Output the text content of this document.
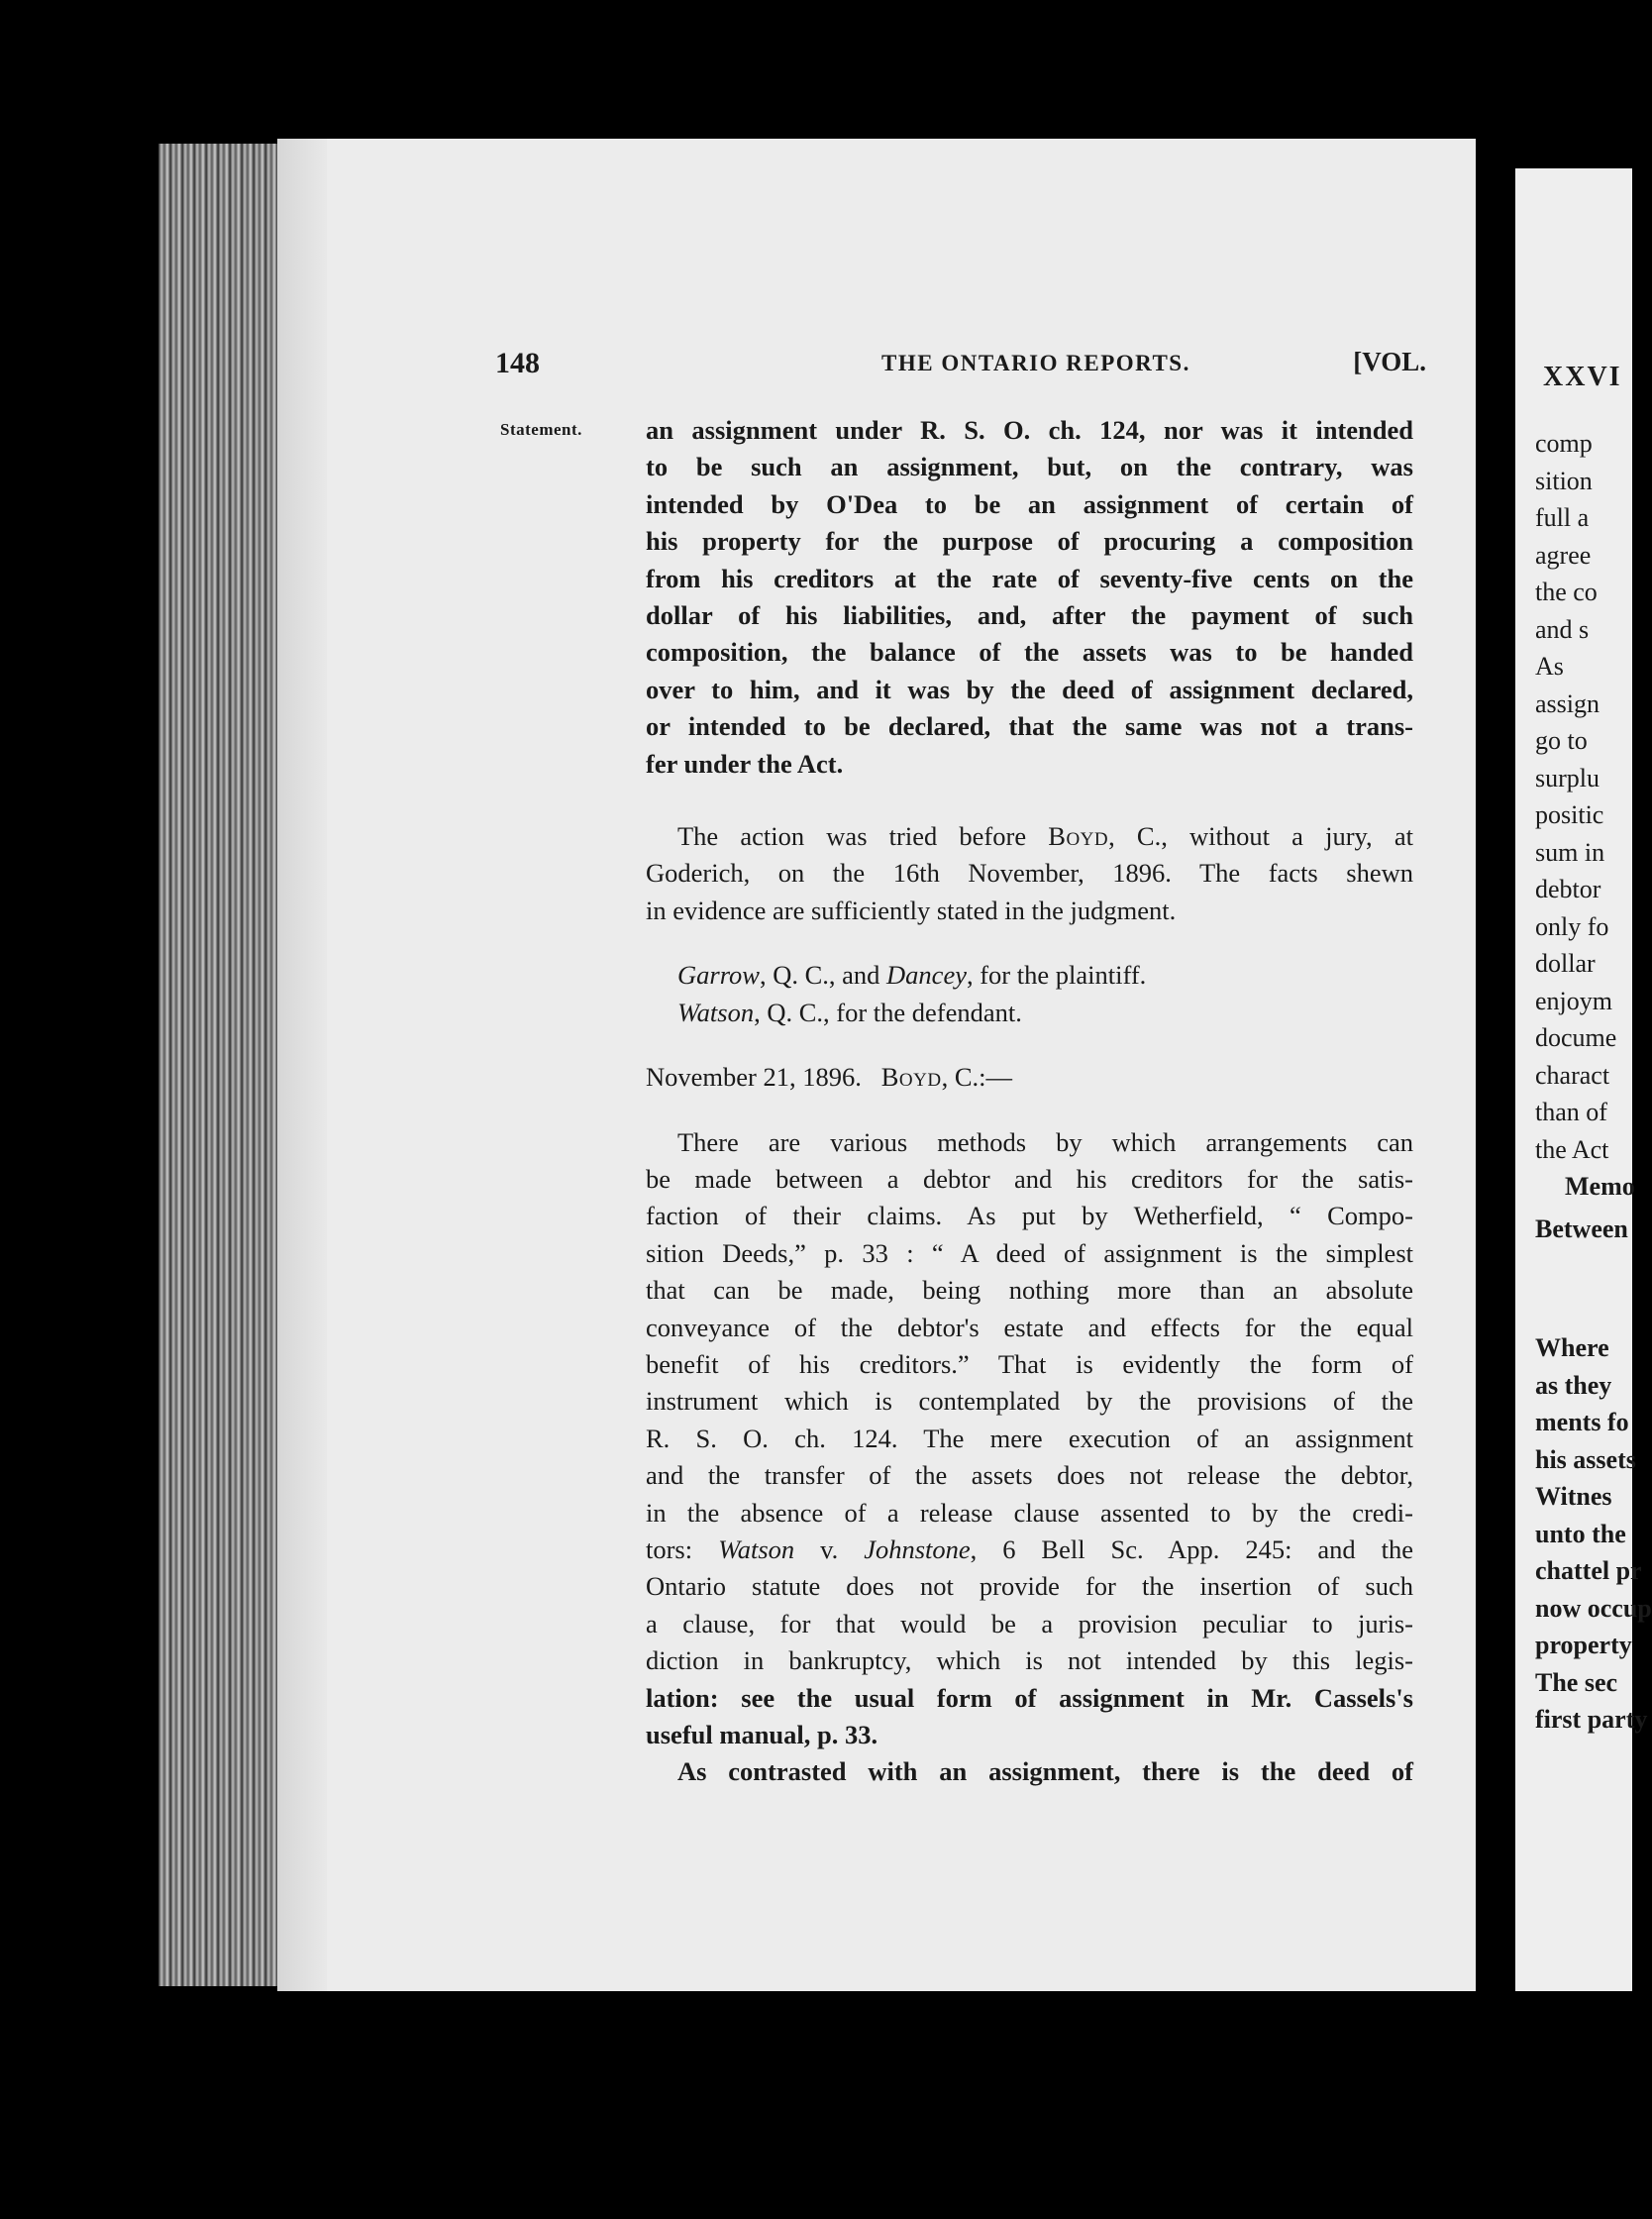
XXVI
comp
sition
full a
agree
the co
and s
As
assign
go to
surplu
positic
sum in
debtor
only fo
dollar
enjoym
docume
charact
than of
the Act
Memo
Between
Where
as they
ments fo
his assets
Witnes
unto the
chattel pr
now occup
property
The sec
first party
148	THE ONTARIO REPORTS.	[VOL.
Statement. an assignment under R. S. O. ch. 124, nor was it intended

to be such an assignment, but, on the contrary, was

intended by O'Dea to be an assignment of certain of

his property for the purpose of procuring a composition

from his creditors at the rate of seventy-five cents on the

dollar of his liabilities, and, after the payment of such

composition, the balance of the assets was to be handed

over to him, and it was by the deed of assignment declared,

or intended to be declared, that the same was not a trans-

fer under the Act.

The action was tried before Boyd, C., without a jury, at

Goderich, on the 16th November, 1896. The facts shewn

in evidence are sufficiently stated in the judgment.

Garrow, Q. C., and Dancey, for the plaintiff.

Watson, Q. C., for the defendant.

November 21, 1896. Boyd, C.:—

There are various methods by which arrangements can

be made between a debtor and his creditors for the satis-

faction of their claims. As put by Wetherfield, “ Compo-

sition Deeds,” p. 33 : “ A deed of assignment is the simplest

that can be made, being nothing more than an absolute

conveyance of the debtor's estate and effects for the equal

benefit of his creditors.” That is evidently the form of

instrument which is contemplated by the provisions of the

R. S. O. ch. 124. The mere execution of an assignment

and the transfer of the assets does not release the debtor,

in the absence of a release clause assented to by the credi-

tors: Watson v. Johnstone, 6 Bell Sc. App. 245: and the

Ontario statute does not provide for the insertion of such

a clause, for that would be a provision peculiar to juris-

diction in bankruptcy, which is not intended by this legis-

lation: see the usual form of assignment in Mr. Cassels's

useful manual, p. 33.

As contrasted with an assignment, there is the deed of
